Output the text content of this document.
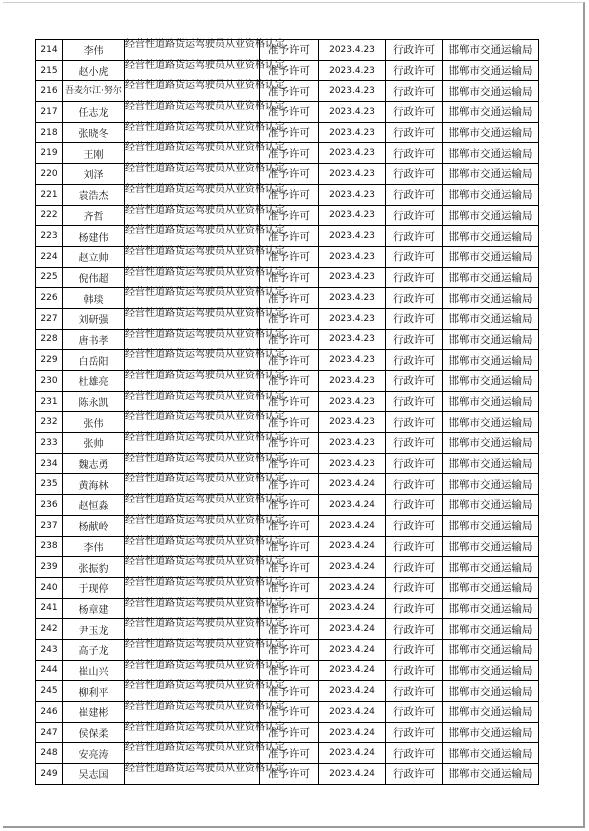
214	李伟	经营性道路货运驾驶员从业资格认定	准予许可	2023.4.23	行政许可	邯郸市交通运输局
215	赵小虎	经营性道路货运驾驶员从业资格认定	准予许可	2023.4.23	行政许可	邯郸市交通运输局
216	吾麦尔江·努尔	经营性道路货运驾驶员从业资格认定	准予许可	2023.4.23	行政许可	邯郸市交通运输局
217	任志龙	经营性道路货运驾驶员从业资格认定	准予许可	2023.4.23	行政许可	邯郸市交通运输局
218	张晓冬	经营性道路货运驾驶员从业资格认定	准予许可	2023.4.23	行政许可	邯郸市交通运输局
219	王刚	经营性道路货运驾驶员从业资格认定	准予许可	2023.4.23	行政许可	邯郸市交通运输局
220	刘泽	经营性道路货运驾驶员从业资格认定	准予许可	2023.4.23	行政许可	邯郸市交通运输局
221	袁浩杰	经营性道路货运驾驶员从业资格认定	准予许可	2023.4.23	行政许可	邯郸市交通运输局
222	齐哲	经营性道路货运驾驶员从业资格认定	准予许可	2023.4.23	行政许可	邯郸市交通运输局
223	杨建伟	经营性道路货运驾驶员从业资格认定	准予许可	2023.4.23	行政许可	邯郸市交通运输局
224	赵立帅	经营性道路货运驾驶员从业资格认定	准予许可	2023.4.23	行政许可	邯郸市交通运输局
225	倪伟超	经营性道路货运驾驶员从业资格认定	准予许可	2023.4.23	行政许可	邯郸市交通运输局
226	韩琰	经营性道路货运驾驶员从业资格认定	准予许可	2023.4.23	行政许可	邯郸市交通运输局
227	刘研强	经营性道路货运驾驶员从业资格认定	准予许可	2023.4.23	行政许可	邯郸市交通运输局
228	唐书孝	经营性道路货运驾驶员从业资格认定	准予许可	2023.4.23	行政许可	邯郸市交通运输局
229	白岳阳	经营性道路货运驾驶员从业资格认定	准予许可	2023.4.23	行政许可	邯郸市交通运输局
230	杜雄亮	经营性道路货运驾驶员从业资格认定	准予许可	2023.4.23	行政许可	邯郸市交通运输局
231	陈永凯	经营性道路货运驾驶员从业资格认定	准予许可	2023.4.23	行政许可	邯郸市交通运输局
232	张伟	经营性道路货运驾驶员从业资格认定	准予许可	2023.4.23	行政许可	邯郸市交通运输局
233	张帅	经营性道路货运驾驶员从业资格认定	准予许可	2023.4.23	行政许可	邯郸市交通运输局
234	魏志勇	经营性道路货运驾驶员从业资格认定	准予许可	2023.4.23	行政许可	邯郸市交通运输局
235	黄海林	经营性道路货运驾驶员从业资格认定	准予许可	2023.4.24	行政许可	邯郸市交通运输局
236	赵恒淼	经营性道路货运驾驶员从业资格认定	准予许可	2023.4.24	行政许可	邯郸市交通运输局
237	杨献岭	经营性道路货运驾驶员从业资格认定	准予许可	2023.4.24	行政许可	邯郸市交通运输局
238	李伟	经营性道路货运驾驶员从业资格认定	准予许可	2023.4.24	行政许可	邯郸市交通运输局
239	张振豹	经营性道路货运驾驶员从业资格认定	准予许可	2023.4.24	行政许可	邯郸市交通运输局
240	于现停	经营性道路货运驾驶员从业资格认定	准予许可	2023.4.24	行政许可	邯郸市交通运输局
241	杨章建	经营性道路货运驾驶员从业资格认定	准予许可	2023.4.24	行政许可	邯郸市交通运输局
242	尹玉龙	经营性道路货运驾驶员从业资格认定	准予许可	2023.4.24	行政许可	邯郸市交通运输局
243	高子龙	经营性道路货运驾驶员从业资格认定	准予许可	2023.4.24	行政许可	邯郸市交通运输局
244	崔山兴	经营性道路货运驾驶员从业资格认定	准予许可	2023.4.24	行政许可	邯郸市交通运输局
245	柳利平	经营性道路货运驾驶员从业资格认定	准予许可	2023.4.24	行政许可	邯郸市交通运输局
246	崔建彬	经营性道路货运驾驶员从业资格认定	准予许可	2023.4.24	行政许可	邯郸市交通运输局
247	侯保柔	经营性道路货运驾驶员从业资格认定	准予许可	2023.4.24	行政许可	邯郸市交通运输局
248	安亮涛	经营性道路货运驾驶员从业资格认定	准予许可	2023.4.24	行政许可	邯郸市交通运输局
249	吴志国	经营性道路货运驾驶员从业资格认定	准予许可	2023.4.24	行政许可	邯郸市交通运输局
